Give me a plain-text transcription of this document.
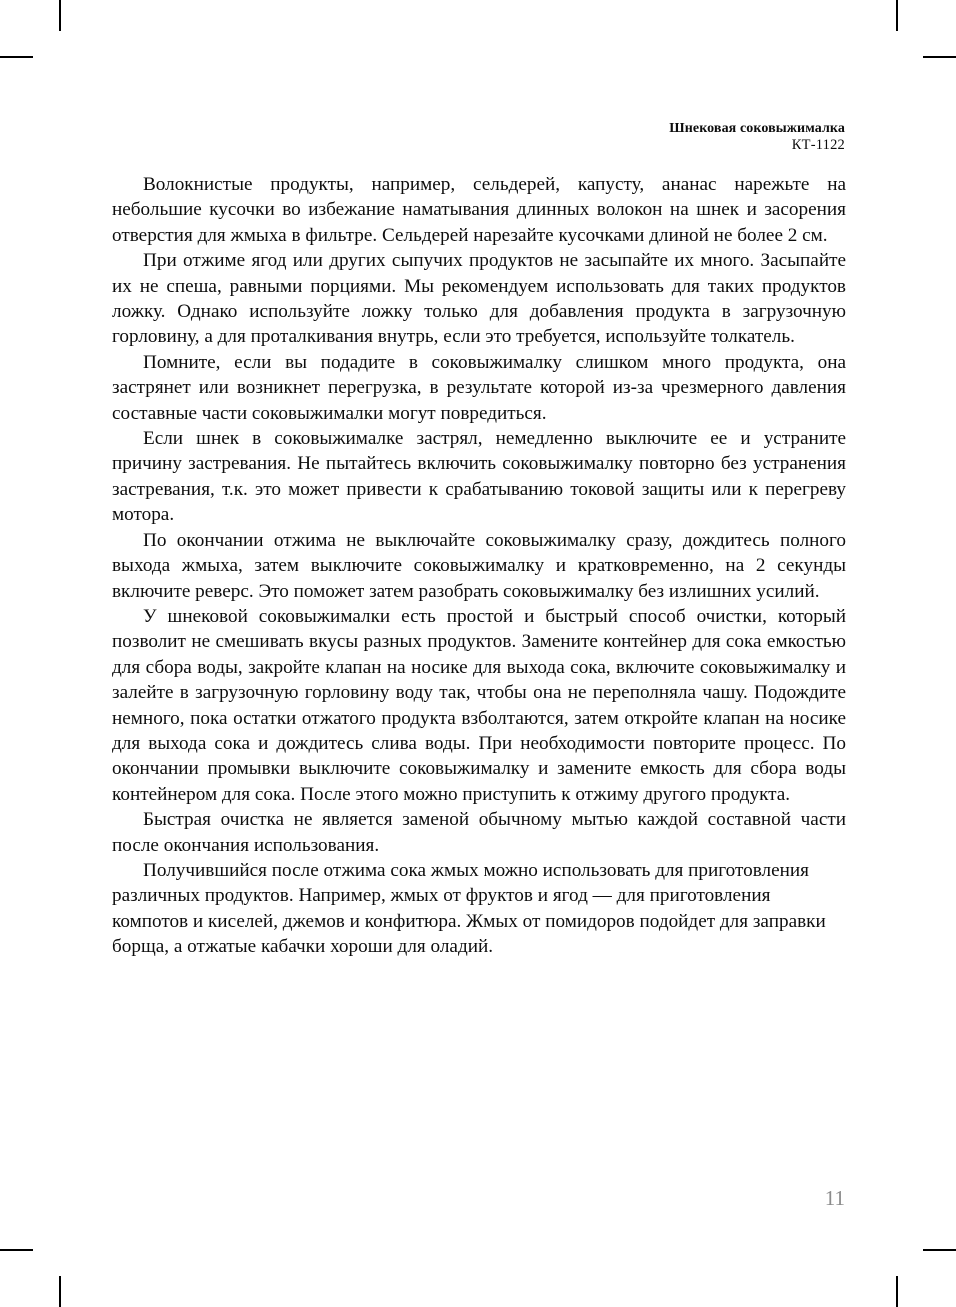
Шнековая соковыжималка
КТ-1122

Волокнистые продукты, например, сельдерей, капусту, ананас нарежьте на небольшие кусочки во избежание наматывания длинных волокон на шнек и засорения отверстия для жмыха в фильтре. Сельдерей нарезайте кусочками длиной не более 2 см.

При отжиме ягод или других сыпучих продуктов не засыпайте их много. Засыпайте их не спеша, равными порциями. Мы рекомендуем использовать для таких продуктов ложку. Однако используйте ложку только для добавления продукта в загрузочную горловину, а для проталкивания внутрь, если это требуется, используйте толкатель.

Помните, если вы подадите в соковыжималку слишком много продукта, она застрянет или возникнет перегрузка, в результате которой из-за чрезмерного давления составные части соковыжималки могут повредиться.

Если шнек в соковыжималке застрял, немедленно выключите ее и устраните причину застревания. Не пытайтесь включить соковыжималку повторно без устранения застревания, т.к. это может привести к срабатыванию токовой защиты или к перегреву мотора.

По окончании отжима не выключайте соковыжималку сразу, дождитесь полного выхода жмыха, затем выключите соковыжималку и кратковременно, на 2 секунды включите реверс. Это поможет затем разобрать соковыжималку без излишних усилий.

У шнековой соковыжималки есть простой и быстрый способ очистки, который позволит не смешивать вкусы разных продуктов. Замените контейнер для сока емкостью для сбора воды, закройте клапан на носике для выхода сока, включите соковыжималку и залейте в загрузочную горловину воду так, чтобы она не переполняла чашу. Подождите немного, пока остатки отжатого продукта взболтаются, затем откройте клапан на носике для выхода сока и дождитесь слива воды. При необходимости повторите процесс. По окончании промывки выключите соковыжималку и замените емкость для сбора воды контейнером для сока. После этого можно приступить к отжиму другого продукта.

Быстрая очистка не является заменой обычному мытью каждой составной части после окончания использования.

Получившийся после отжима сока жмых можно использовать для приготовления различных продуктов. Например, жмых от фруктов и ягод — для приготовления компотов и киселей, джемов и конфитюра. Жмых от помидоров подойдет для заправки борща, а отжатые кабачки хороши для оладий.

11
